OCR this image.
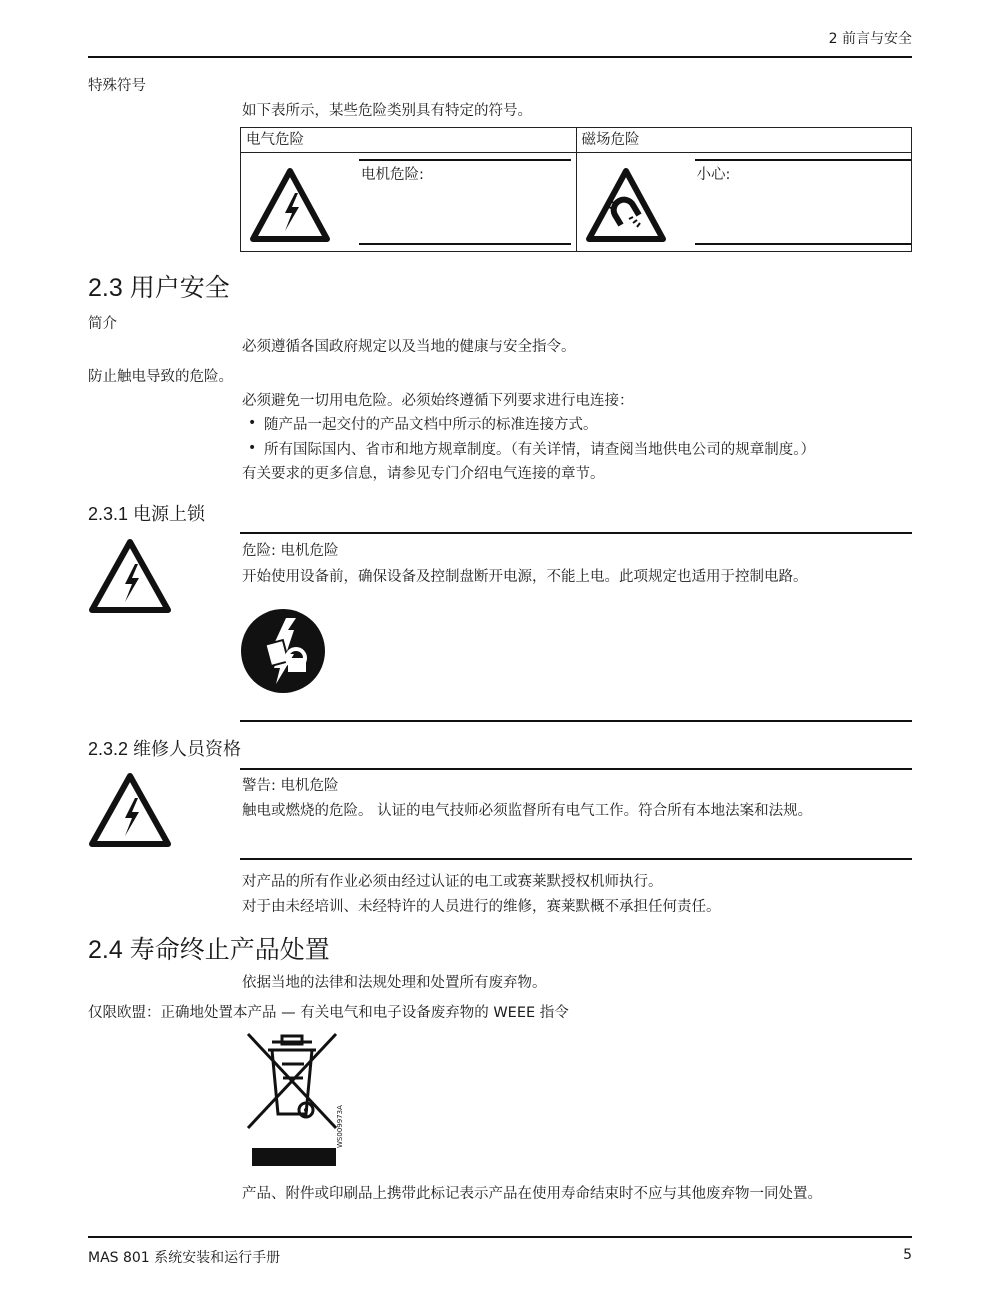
2 前言与安全
特殊符号
如下表所示，某些危险类别具有特定的符号。
电气危险	磁场危险

电机危险:	小心:
2.3 用户安全
简介
必须遵循各国政府规定以及当地的健康与安全指令。
防止触电导致的危险。
必须避免一切用电危险。必须始终遵循下列要求进行电连接：
• 随产品一起交付的产品文档中所示的标准连接方式。
• 所有国际国内、省市和地方规章制度。（有关详情，请查阅当地供电公司的规章制度。）
有关要求的更多信息，请参见专门介绍电气连接的章节。
2.3.1 电源上锁
危险: 电机危险
开始使用设备前，确保设备及控制盘断开电源，不能上电。此项规定也适用于控制电路。
2.3.2 维修人员资格
警告: 电机危险
触电或燃烧的危险。 认证的电气技师必须监督所有电气工作。符合所有本地法案和法规。
对产品的所有作业必须由经过认证的电工或赛莱默授权机师执行。
对于由未经培训、未经特许的人员进行的维修，赛莱默概不承担任何责任。
2.4 寿命终止产品处置
依据当地的法律和法规处理和处置所有废弃物。
仅限欧盟：正确地处置本产品 — 有关电气和电子设备废弃物的 WEEE 指令
WS009973A
产品、附件或印刷品上携带此标记表示产品在使用寿命结束时不应与其他废弃物一同处置。
MAS 801 系统安装和运行手册	5
